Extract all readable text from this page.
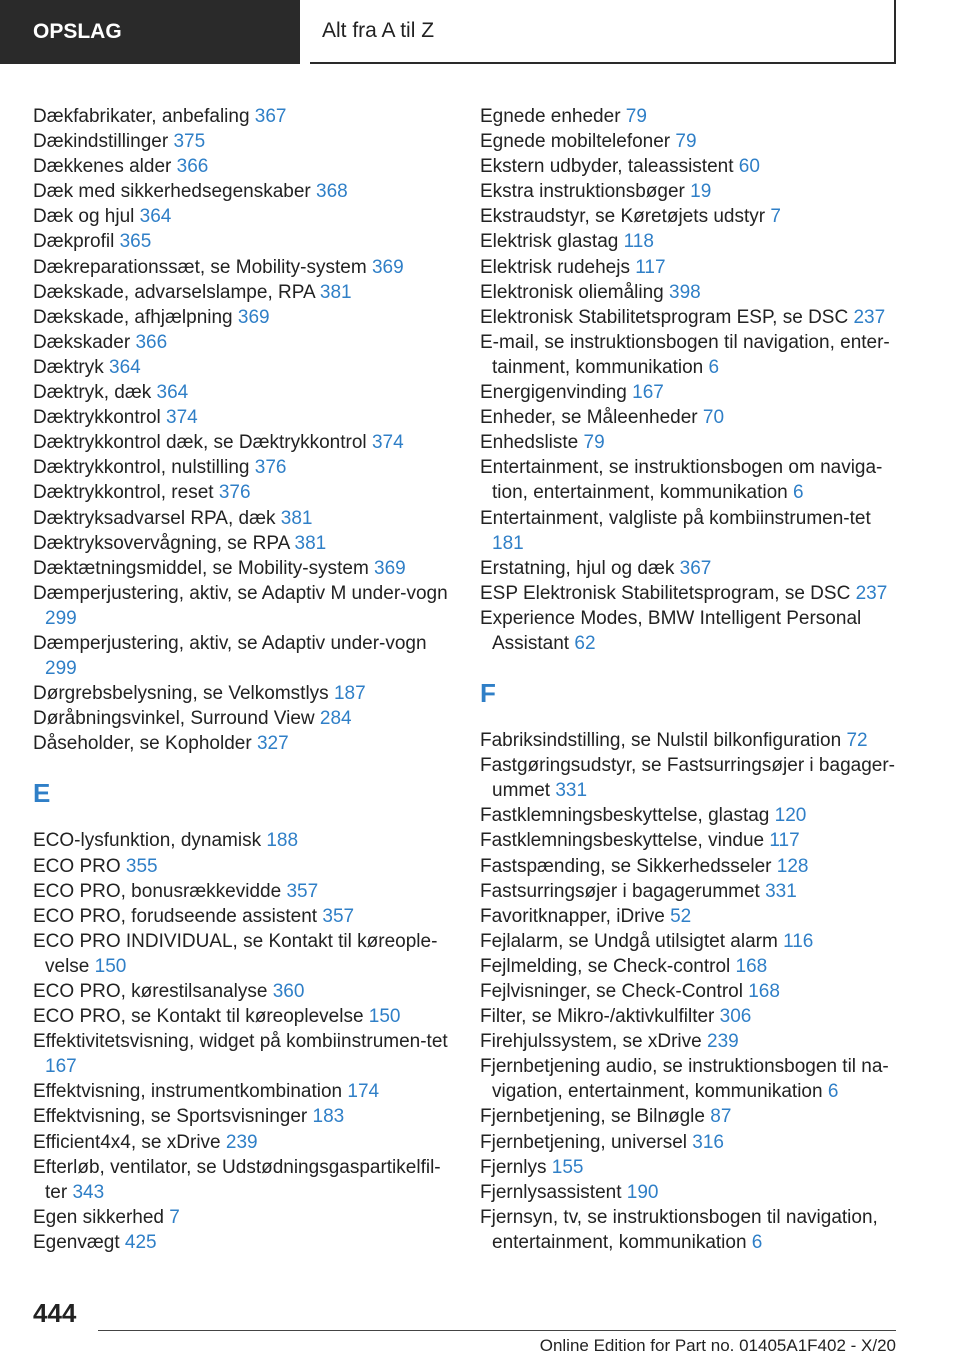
OPSLAG	Alt fra A til Z
Dækfabrikater, anbefaling 367
Dækindstillinger 375
Dækkenes alder 366
Dæk med sikkerhedsegenskaber 368
Dæk og hjul 364
Dækprofil 365
Dækreparationssæt, se Mobility-system 369
Dækskade, advarselslampe, RPA 381
Dækskade, afhjælpning 369
Dækskader 366
Dæktryk 364
Dæktryk, dæk 364
Dæktrykkontrol 374
Dæktrykkontrol dæk, se Dæktrykkontrol 374
Dæktrykkontrol, nulstilling 376
Dæktrykkontrol, reset 376
Dæktryksadvarsel RPA, dæk 381
Dæktryksovervågning, se RPA 381
Dæktætningsmiddel, se Mobility-system 369
Dæmperjustering, aktiv, se Adaptiv M under-vogn 299
Dæmperjustering, aktiv, se Adaptiv under-vogn 299
Dørgrebsbelysning, se Velkomstlys 187
Døråbningsvinkel, Surround View 284
Dåseholder, se Kopholder 327
E
ECO-lysfunktion, dynamisk 188
ECO PRO 355
ECO PRO, bonusrækkevidde 357
ECO PRO, forudseende assistent 357
ECO PRO INDIVIDUAL, se Kontakt til køreople-velse 150
ECO PRO, kørestilsanalyse 360
ECO PRO, se Kontakt til køreoplevelse 150
Effektivitetsvisning, widget på kombiinstrumen-tet 167
Effektvisning, instrumentkombination 174
Effektvisning, se Sportsvisninger 183
Efficient4x4, se xDrive 239
Efterløb, ventilator, se Udstødningsgaspartikelfil-ter 343
Egen sikkerhed 7
Egenvægt 425
Egnede enheder 79
Egnede mobiltelefoner 79
Ekstern udbyder, taleassistent 60
Ekstra instruktionsbøger 19
Ekstraudstyr, se Køretøjets udstyr 7
Elektrisk glastag 118
Elektrisk rudehejs 117
Elektronisk oliemåling 398
Elektronisk Stabilitetsprogram ESP, se DSC 237
E-mail, se instruktionsbogen til navigation, enter-tainment, kommunikation 6
Energigenvinding 167
Enheder, se Måleenheder 70
Enhedsliste 79
Entertainment, se instruktionsbogen om naviga-tion, entertainment, kommunikation 6
Entertainment, valgliste på kombiinstrumen-tet 181
Erstatning, hjul og dæk 367
ESP Elektronisk Stabilitetsprogram, se DSC 237
Experience Modes, BMW Intelligent Personal Assistant 62
F
Fabriksindstilling, se Nulstil bilkonfiguration 72
Fastgøringsudstyr, se Fastsurringsøjer i bagager-ummet 331
Fastklemningsbeskyttelse, glastag 120
Fastklemningsbeskyttelse, vindue 117
Fastspænding, se Sikkerhedsseler 128
Fastsurringsøjer i bagagerummet 331
Favoritknapper, iDrive 52
Fejlalarm, se Undgå utilsigtet alarm 116
Fejlmelding, se Check-control 168
Fejlvisninger, se Check-Control 168
Filter, se Mikro-/aktivkulfilter 306
Firehjulssystem, se xDrive 239
Fjernbetjening audio, se instruktionsbogen til na-vigation, entertainment, kommunikation 6
Fjernbetjening, se Bilnøgle 87
Fjernbetjening, universel 316
Fjernlys 155
Fjernlysassistent 190
Fjernsyn, tv, se instruktionsbogen til navigation, entertainment, kommunikation 6
444
Online Edition for Part no. 01405A1F402 - X/20
